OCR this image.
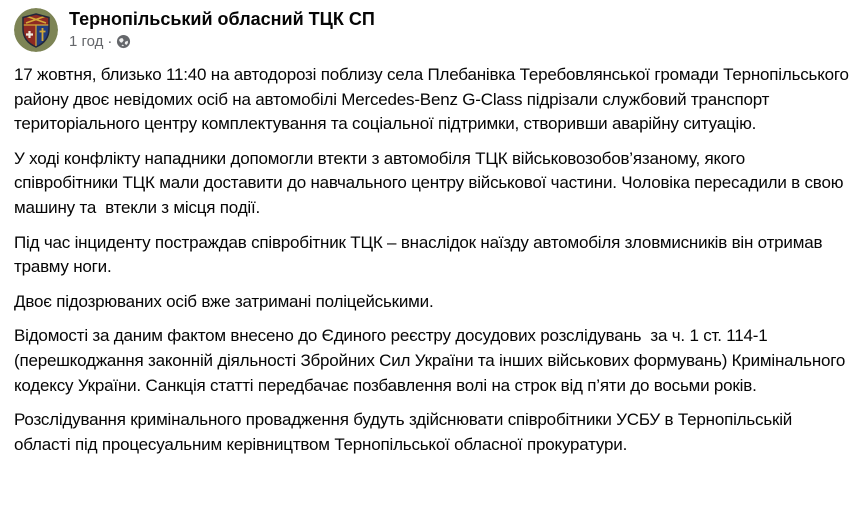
Тернопільський обласний ТЦК СП
1 год ·

17 жовтня, близько 11:40 на автодорозі поблизу села Плебанівка Теребовлянської громади Тернопільського району двоє невідомих осіб на автомобілі Mercedes-Benz G-Class підрізали службовий транспорт територіального центру комплектування та соціальної підтримки, створивши аварійну ситуацію.

У ході конфлікту нападники допомогли втекти з автомобіля ТЦК військовозобов’язаному, якого співробітники ТЦК мали доставити до навчального центру військової частини. Чоловіка пересадили в свою машину та  втекли з місця події.

Під час інциденту постраждав співробітник ТЦК – внаслідок наїзду автомобіля зловмисників він отримав травму ноги.

Двоє підозрюваних осіб вже затримані поліцейськими.

Відомості за даним фактом внесено до Єдиного реєстру досудових розслідувань  за ч. 1 ст. 114-1 (перешкоджання законній діяльності Збройних Сил України та інших військових формувань) Кримінального кодексу України. Санкція статті передбачає позбавлення волі на строк від п’яти до восьми років.

Розслідування кримінального провадження будуть здійснювати співробітники УСБУ в Тернопільській області під процесуальним керівництвом Тернопільської обласної прокуратури.
